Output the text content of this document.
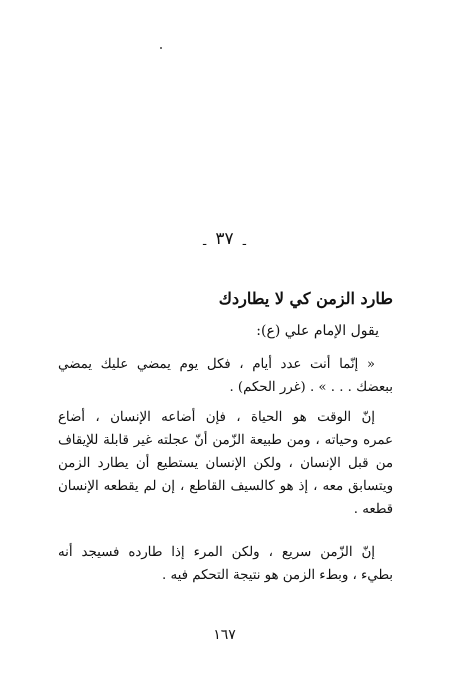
$_-$ ٣٧ $_-$
طارد الزمن كي لا يطاردك
يقول الإمام علي (ع):
« إنّما أنت عدد أيام ، فكل يوم يمضي عليك يمضي
ببعضك . . . » . (غرر الحكم) .
إنّ الوقت هو الحياة ، فإن أضاعه الإنسان ، أضاع
عمره وحياته ، ومن طبيعة الزّمن أنّ عجلته غير قابلة للإيقاف
من قبل الإنسان ، ولكن الإنسان يستطيع أن يطارد الزمن
ويتسابق معه ، إذ هو كالسيف القاطع ، إن لم يقطعه الإنسان
قطعه .
إنّ الزّمن سريع ، ولكن المرء إذا طارده فسيجد أنه
بطيء ، وبطء الزمن هو نتيجة التحكم فيه .
١٦٧
